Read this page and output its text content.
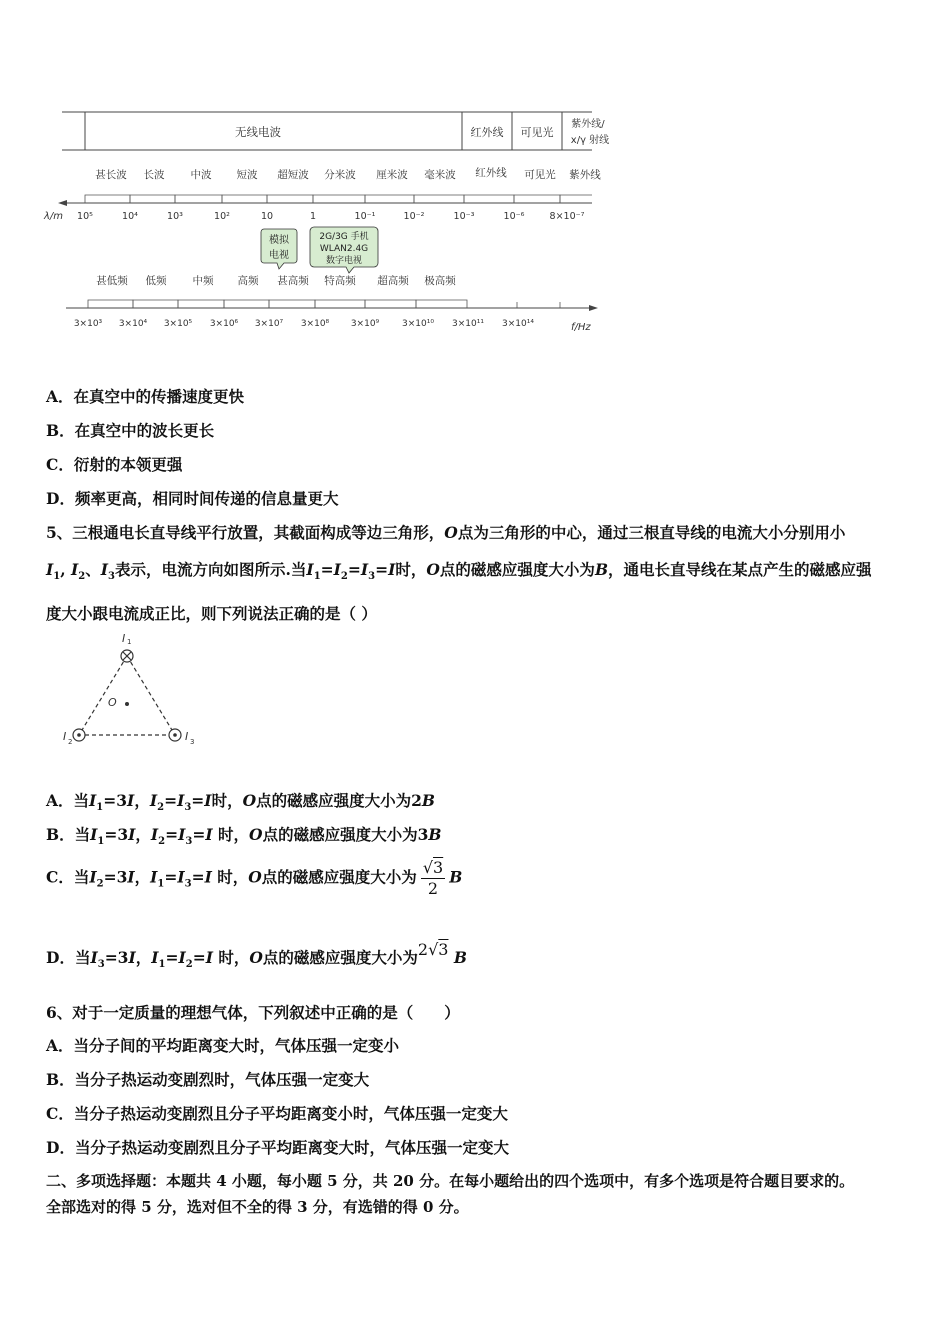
无线电波	红外线 可见光
紫外线/
x/γ 射线
甚长波 长波 中波 短波 超短波 分米波 厘米波 毫米波 红外线 可见光 紫外线
λ/m 10⁵	10⁴	10³	10²	10	1	10⁻¹	10⁻²	10⁻³	10⁻⁶	8×10⁻⁷
模拟
电视
2G/3G 手机
WLAN2.4G
数字电视
甚低频 低频 中频 高频 甚高频 特高频 超高频 极高频
3×10³ 3×10⁴ 3×10⁵ 3×10⁶ 3×10⁷ 3×10⁸ 3×10⁹	3×10¹⁰ 3×10¹¹ 3×10¹⁴	f/Hz
A．在真空中的传播速度更快
B．在真空中的波长更长
C．衍射的本领更强
D．频率更高，相同时间传递的信息量更大
5、三根通电长直导线平行放置，其截面构成等边三角形，O点为三角形的中心，通过三根直导线的电流大小分别用小
$I_1$, $I_2$、$I_3$表示，电流方向如图所示.当$I_1=I_2=I_3=I$时，O点的磁感应强度大小为B，通电长直导线在某点产生的磁感应强
度大小跟电流成正比，则下列说法正确的是（ ）
I 1
I 2	I 3
O
A．当$I_1=3I$，$I_2=I_3=I$时，O点的磁感应强度大小为2B
B．当$I_1=3I$，$I_2=I_3=I$ 时，O点的磁感应强度大小为3B
C．当$I_2=3I$，$I_1=I_3=I$ 时，O点的磁感应强度大小为 $\frac{√3}{2}$ B
D．当$I_3=3I$，$I_1=I_2=I$ 时，O点的磁感应强度大小为2√3 B
6、对于一定质量的理想气体，下列叙述中正确的是（　　）
A．当分子间的平均距离变大时，气体压强一定变小
B．当分子热运动变剧烈时，气体压强一定变大
C．当分子热运动变剧烈且分子平均距离变小时，气体压强一定变大
D．当分子热运动变剧烈且分子平均距离变大时，气体压强一定变大
二、多项选择题：本题共 4 小题，每小题 5 分，共 20 分。在每小题给出的四个选项中，有多个选项是符合题目要求的。
全部选对的得 5 分，选对但不全的得 3 分，有选错的得 0 分。
